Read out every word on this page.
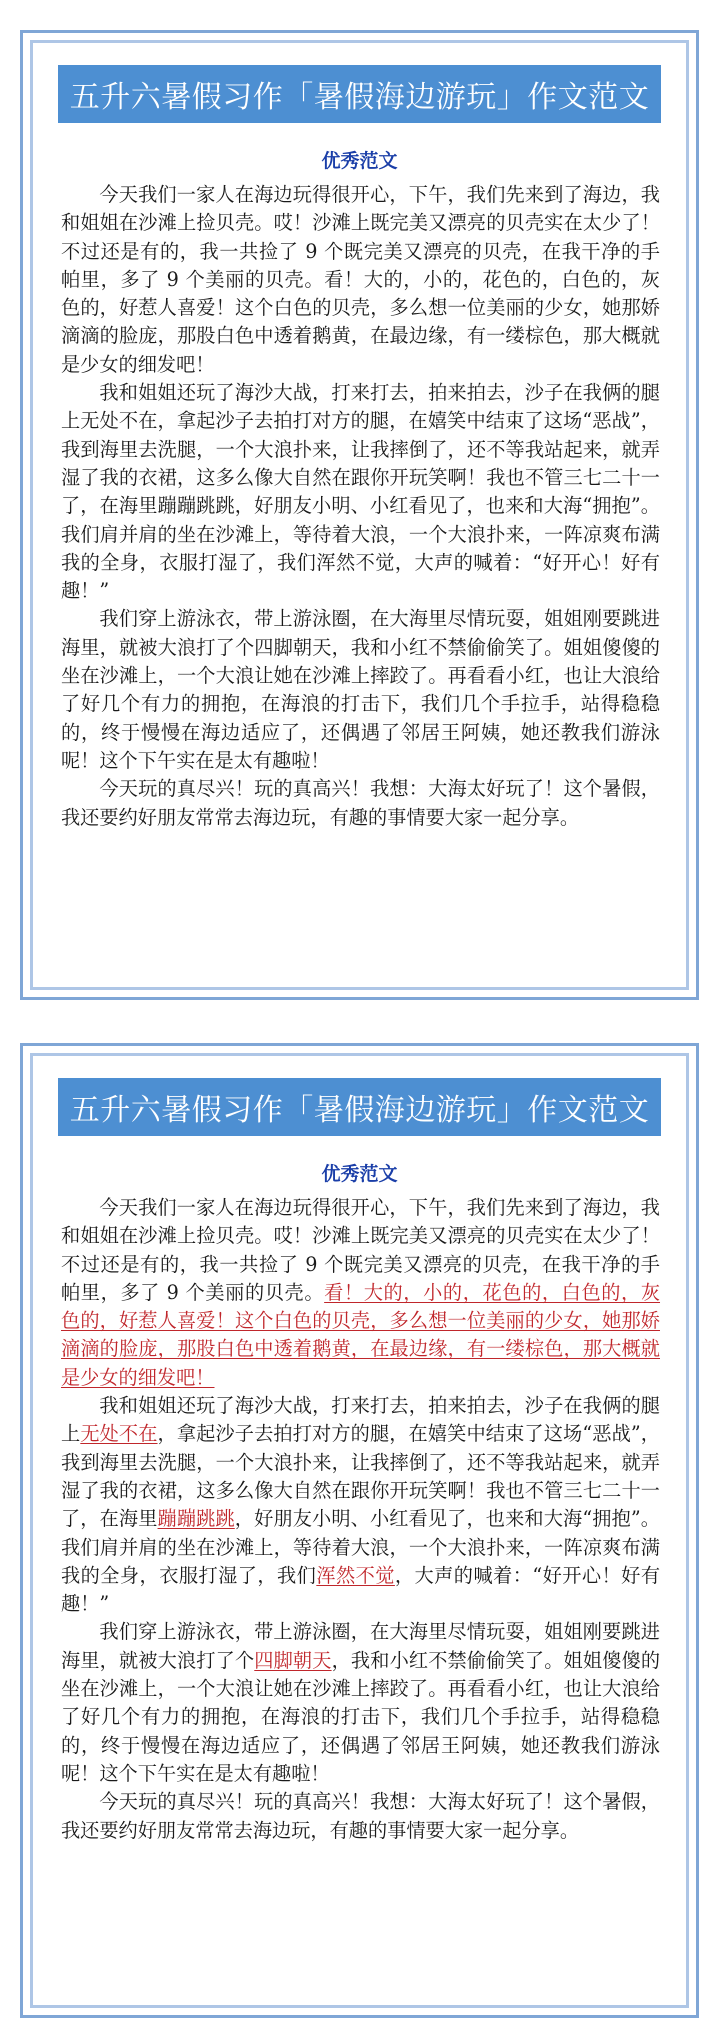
五升六暑假习作「暑假海边游玩」作文范文
优秀范文

今天我们一家人在海边玩得很开心，下午，我们先来到了海边，我和姐姐在沙滩上捡贝壳。哎！沙滩上既完美又漂亮的贝壳实在太少了！不过还是有的，我一共捡了 9 个既完美又漂亮的贝壳，在我干净的手帕里，多了 9 个美丽的贝壳。看！大的，小的，花色的，白色的，灰色的，好惹人喜爱！这个白色的贝壳，多么想一位美丽的少女，她那娇滴滴的脸庞，那股白色中透着鹅黄，在最边缘，有一缕棕色，那大概就是少女的细发吧！

我和姐姐还玩了海沙大战，打来打去，拍来拍去，沙子在我俩的腿上无处不在，拿起沙子去拍打对方的腿，在嬉笑中结束了这场“恶战”，我到海里去洗腿，一个大浪扑来，让我摔倒了，还不等我站起来，就弄湿了我的衣裙，这多么像大自然在跟你开玩笑啊！我也不管三七二十一了，在海里蹦蹦跳跳，好朋友小明、小红看见了，也来和大海“拥抱”。我们肩并肩的坐在沙滩上，等待着大浪，一个大浪扑来，一阵凉爽布满我的全身，衣服打湿了，我们浑然不觉，大声的喊着：“好开心！好有趣！”

我们穿上游泳衣，带上游泳圈，在大海里尽情玩耍，姐姐刚要跳进海里，就被大浪打了个四脚朝天，我和小红不禁偷偷笑了。姐姐傻傻的坐在沙滩上，一个大浪让她在沙滩上摔跤了。再看看小红，也让大浪给了好几个有力的拥抱，在海浪的打击下，我们几个手拉手，站得稳稳的，终于慢慢在海边适应了，还偶遇了邻居王阿姨，她还教我们游泳呢！这个下午实在是太有趣啦！

今天玩的真尽兴！玩的真高兴！我想：大海太好玩了！这个暑假，我还要约好朋友常常去海边玩，有趣的事情要大家一起分享。

五升六暑假习作「暑假海边游玩」作文范文
优秀范文

今天我们一家人在海边玩得很开心，下午，我们先来到了海边，我和姐姐在沙滩上捡贝壳。哎！沙滩上既完美又漂亮的贝壳实在太少了！不过还是有的，我一共捡了 9 个既完美又漂亮的贝壳，在我干净的手帕里，多了 9 个美丽的贝壳。看！大的，小的，花色的，白色的，灰色的，好惹人喜爱！这个白色的贝壳，多么想一位美丽的少女，她那娇滴滴的脸庞，那股白色中透着鹅黄，在最边缘，有一缕棕色，那大概就是少女的细发吧！

我和姐姐还玩了海沙大战，打来打去，拍来拍去，沙子在我俩的腿上无处不在，拿起沙子去拍打对方的腿，在嬉笑中结束了这场“恶战”，我到海里去洗腿，一个大浪扑来，让我摔倒了，还不等我站起来，就弄湿了我的衣裙，这多么像大自然在跟你开玩笑啊！我也不管三七二十一了，在海里蹦蹦跳跳，好朋友小明、小红看见了，也来和大海“拥抱”。我们肩并肩的坐在沙滩上，等待着大浪，一个大浪扑来，一阵凉爽布满我的全身，衣服打湿了，我们浑然不觉，大声的喊着：“好开心！好有趣！”

我们穿上游泳衣，带上游泳圈，在大海里尽情玩耍，姐姐刚要跳进海里，就被大浪打了个四脚朝天，我和小红不禁偷偷笑了。姐姐傻傻的坐在沙滩上，一个大浪让她在沙滩上摔跤了。再看看小红，也让大浪给了好几个有力的拥抱，在海浪的打击下，我们几个手拉手，站得稳稳的，终于慢慢在海边适应了，还偶遇了邻居王阿姨，她还教我们游泳呢！这个下午实在是太有趣啦！

今天玩的真尽兴！玩的真高兴！我想：大海太好玩了！这个暑假，我还要约好朋友常常去海边玩，有趣的事情要大家一起分享。
